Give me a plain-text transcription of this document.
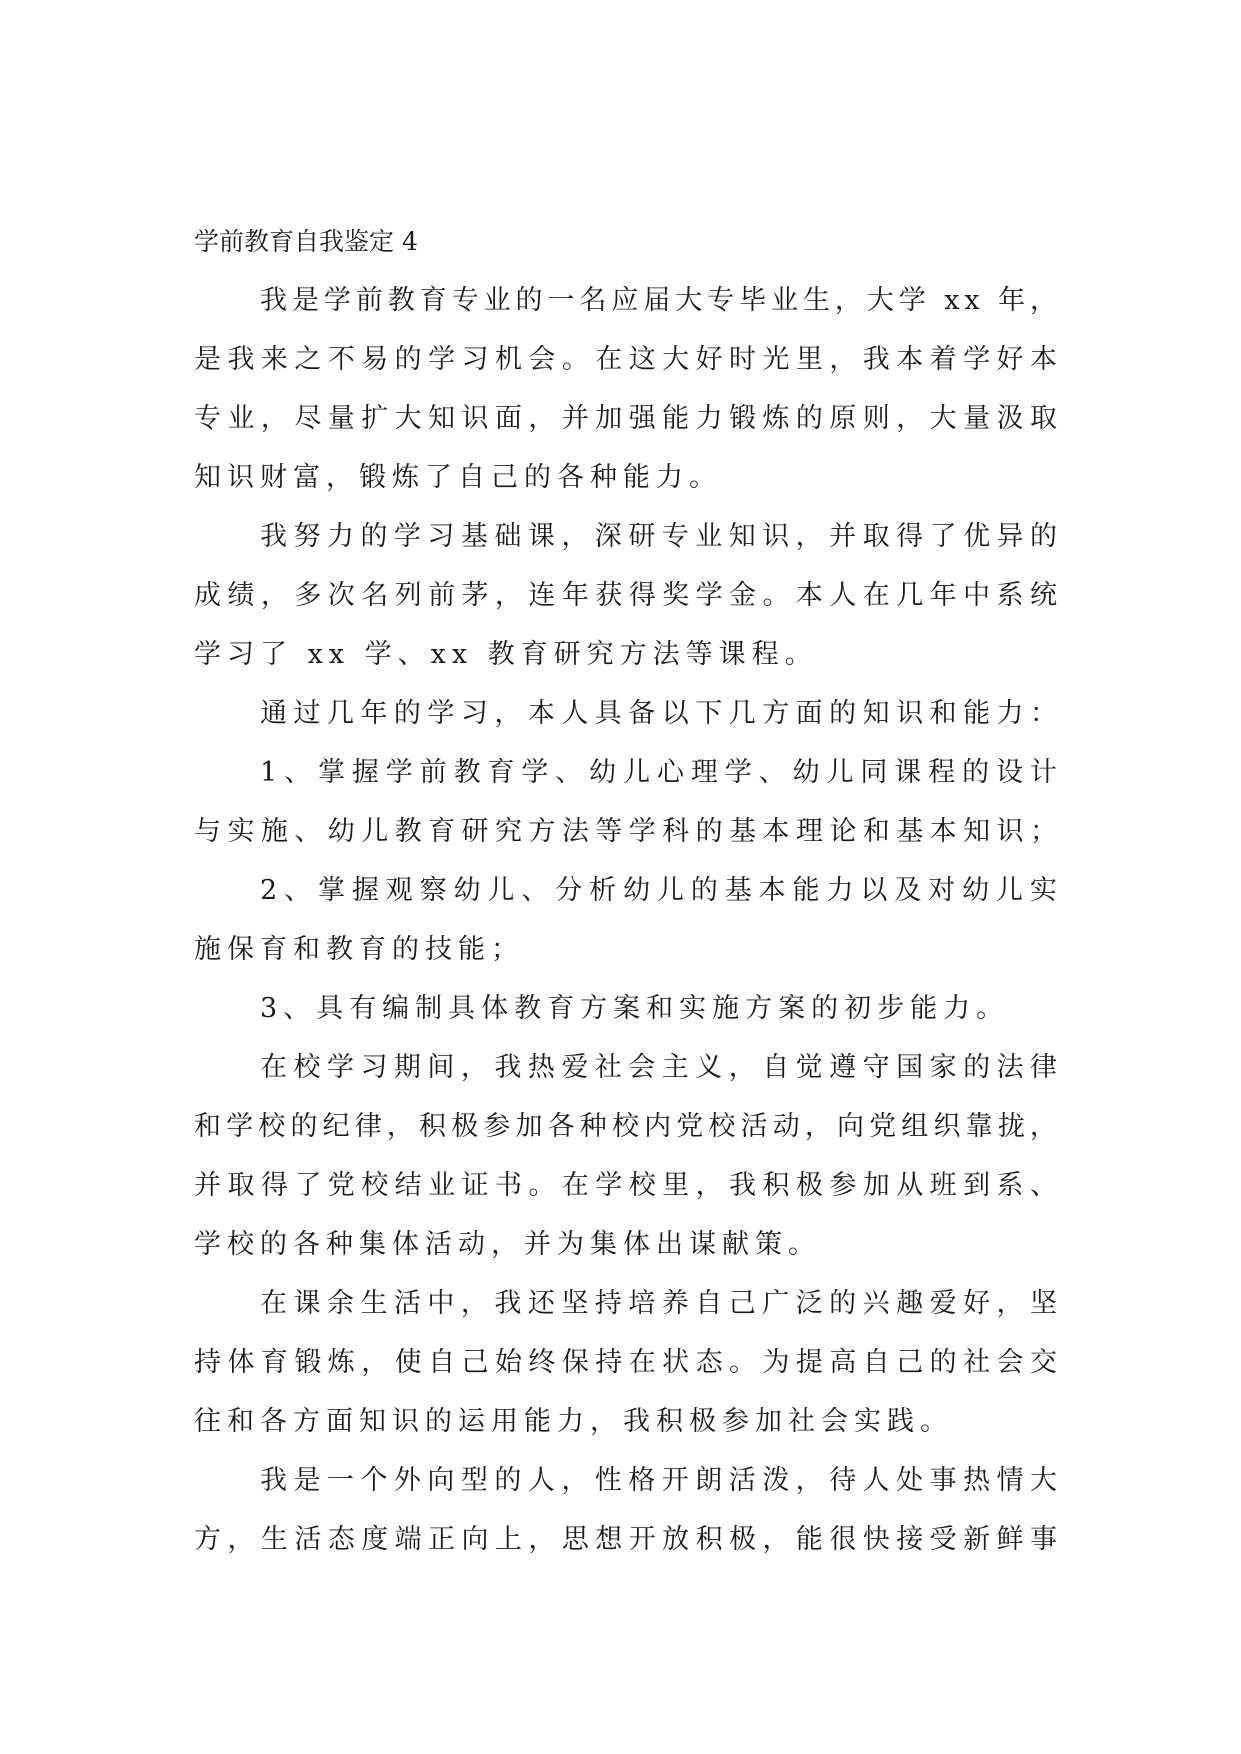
学前教育自我鉴定 4
我是学前教育专业的一名应届大专毕业生，大学 xx 年，
是我来之不易的学习机会。在这大好时光里，我本着学好本
专业，尽量扩大知识面，并加强能力锻炼的原则，大量汲取
知识财富，锻炼了自己的各种能力。
我努力的学习基础课，深研专业知识，并取得了优异的
成绩，多次名列前茅，连年获得奖学金。本人在几年中系统
学习了 xx 学、xx 教育研究方法等课程。
通过几年的学习，本人具备以下几方面的知识和能力：
1、掌握学前教育学、幼儿心理学、幼儿同课程的设计
与实施、幼儿教育研究方法等学科的基本理论和基本知识；
2、掌握观察幼儿、分析幼儿的基本能力以及对幼儿实
施保育和教育的技能；
3、具有编制具体教育方案和实施方案的初步能力。
在校学习期间，我热爱社会主义，自觉遵守国家的法律
和学校的纪律，积极参加各种校内党校活动，向党组织靠拢，
并取得了党校结业证书。在学校里，我积极参加从班到系、
学校的各种集体活动，并为集体出谋献策。
在课余生活中，我还坚持培养自己广泛的兴趣爱好，坚
持体育锻炼，使自己始终保持在状态。为提高自己的社会交
往和各方面知识的运用能力，我积极参加社会实践。
我是一个外向型的人，性格开朗活泼，待人处事热情大
方，生活态度端正向上，思想开放积极，能很快接受新鲜事
